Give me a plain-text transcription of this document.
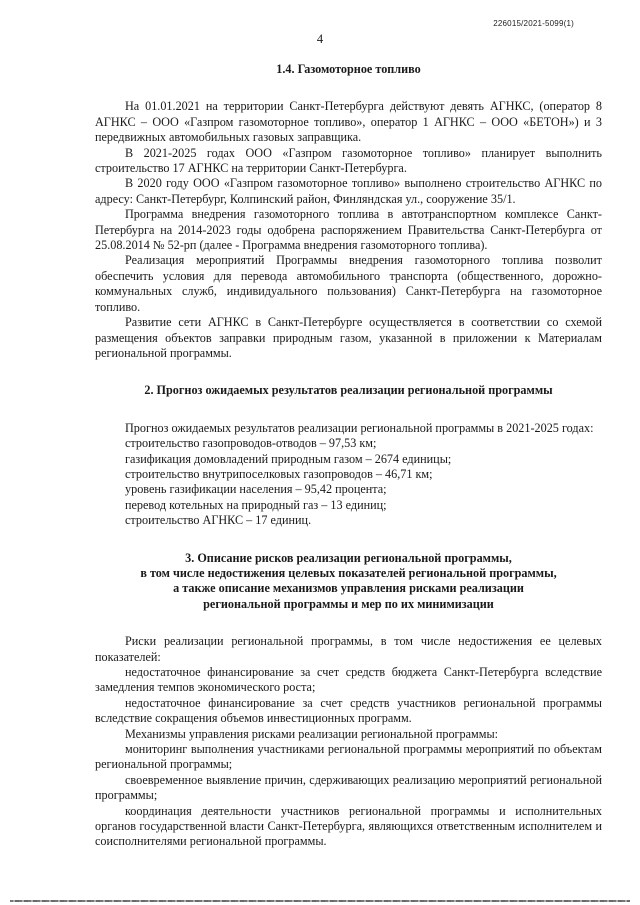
226015/2021-5099(1)
4

1.4. Газомоторное топливо

На 01.01.2021 на территории Санкт-Петербурга действуют девять АГНКС, (оператор 8 АГНКС – ООО «Газпром газомоторное топливо», оператор 1 АГНКС – ООО «БЕТОН») и 3 передвижных автомобильных газовых заправщика.

В 2021-2025 годах ООО «Газпром газомоторное топливо» планирует выполнить строительство 17 АГНКС на территории Санкт-Петербурга.

В 2020 году ООО «Газпром газомоторное топливо» выполнено строительство АГНКС по адресу: Санкт-Петербург, Колпинский район, Финляндская ул., сооружение 35/1.

Программа внедрения газомоторного топлива в автотранспортном комплексе Санкт-Петербурга на 2014-2023 годы одобрена распоряжением Правительства Санкт-Петербурга от 25.08.2014 № 52-рп (далее - Программа внедрения газомоторного топлива).

Реализация мероприятий Программы внедрения газомоторного топлива позволит обеспечить условия для перевода автомобильного транспорта (общественного, дорожно-коммунальных служб, индивидуального пользования) Санкт-Петербурга на газомоторное топливо.

Развитие сети АГНКС в Санкт-Петербурге осуществляется в соответствии со схемой размещения объектов заправки природным газом, указанной в приложении к Материалам региональной программы.

2. Прогноз ожидаемых результатов реализации региональной программы

Прогноз ожидаемых результатов реализации региональной программы в 2021-2025 годах:

строительство газопроводов-отводов – 97,53 км;

газификация домовладений природным газом – 2674 единицы;

строительство внутрипоселковых газопроводов – 46,71 км;

уровень газификации населения – 95,42 процента;

перевод котельных на природный газ – 13 единиц;

строительство АГНКС – 17 единиц.

3. Описание рисков реализации региональной программы,

в том числе недостижения целевых показателей региональной программы,

а также описание механизмов управления рисками реализации

региональной программы и мер по их минимизации

Риски реализации региональной программы, в том числе недостижения ее целевых показателей:

недостаточное финансирование за счет средств бюджета Санкт-Петербурга вследствие замедления темпов экономического роста;

недостаточное финансирование за счет средств участников региональной программы вследствие сокращения объемов инвестиционных программ.

Механизмы управления рисками реализации региональной программы:

мониторинг выполнения участниками региональной программы мероприятий по объектам региональной программы;

своевременное выявление причин, сдерживающих реализацию мероприятий региональной программы;

координация деятельности участников региональной программы и исполнительных органов государственной власти Санкт-Петербурга, являющихся ответственным исполнителем и соисполнителями региональной программы.
